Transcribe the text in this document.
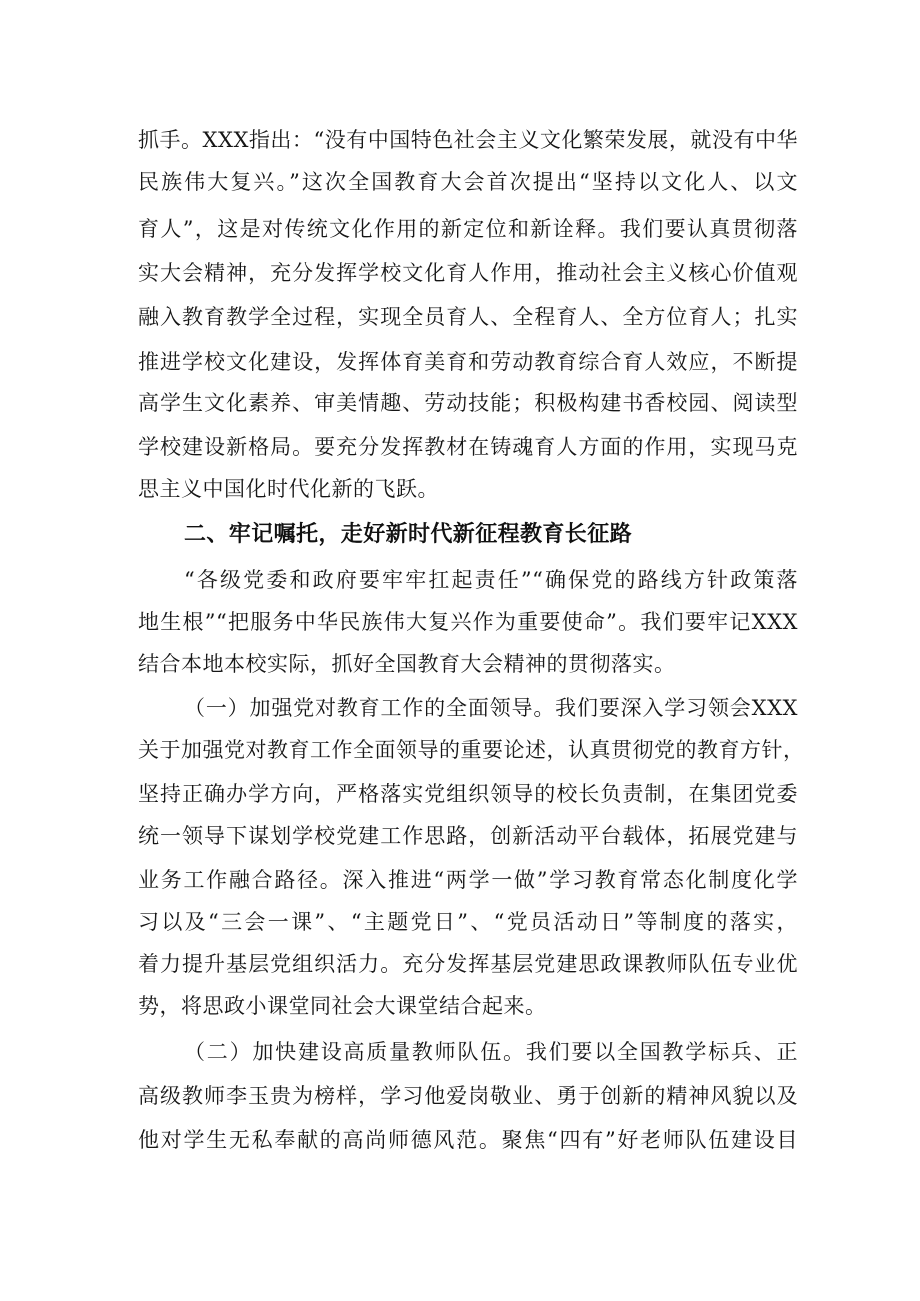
抓手。XXX指出：“没有中国特色社会主义文化繁荣发展，就没有中华
民族伟大复兴。”这次全国教育大会首次提出“坚持以文化人、以文
育人”，这是对传统文化作用的新定位和新诠释。我们要认真贯彻落
实大会精神，充分发挥学校文化育人作用，推动社会主义核心价值观
融入教育教学全过程，实现全员育人、全程育人、全方位育人；扎实
推进学校文化建设，发挥体育美育和劳动教育综合育人效应，不断提
高学生文化素养、审美情趣、劳动技能；积极构建书香校园、阅读型
学校建设新格局。要充分发挥教材在铸魂育人方面的作用，实现马克
思主义中国化时代化新的飞跃。
二、牢记嘱托，走好新时代新征程教育长征路
“各级党委和政府要牢牢扛起责任”“确保党的路线方针政策落
地生根”“把服务中华民族伟大复兴作为重要使命”。我们要牢记XXX
结合本地本校实际，抓好全国教育大会精神的贯彻落实。
（一）加强党对教育工作的全面领导。我们要深入学习领会XXX
关于加强党对教育工作全面领导的重要论述，认真贯彻党的教育方针，
坚持正确办学方向，严格落实党组织领导的校长负责制，在集团党委
统一领导下谋划学校党建工作思路，创新活动平台载体，拓展党建与
业务工作融合路径。深入推进“两学一做”学习教育常态化制度化学
习以及“三会一课”、“主题党日”、“党员活动日”等制度的落实，
着力提升基层党组织活力。充分发挥基层党建思政课教师队伍专业优
势，将思政小课堂同社会大课堂结合起来。
（二）加快建设高质量教师队伍。我们要以全国教学标兵、正
高级教师李玉贵为榜样，学习他爱岗敬业、勇于创新的精神风貌以及
他对学生无私奉献的高尚师德风范。聚焦“四有”好老师队伍建设目
